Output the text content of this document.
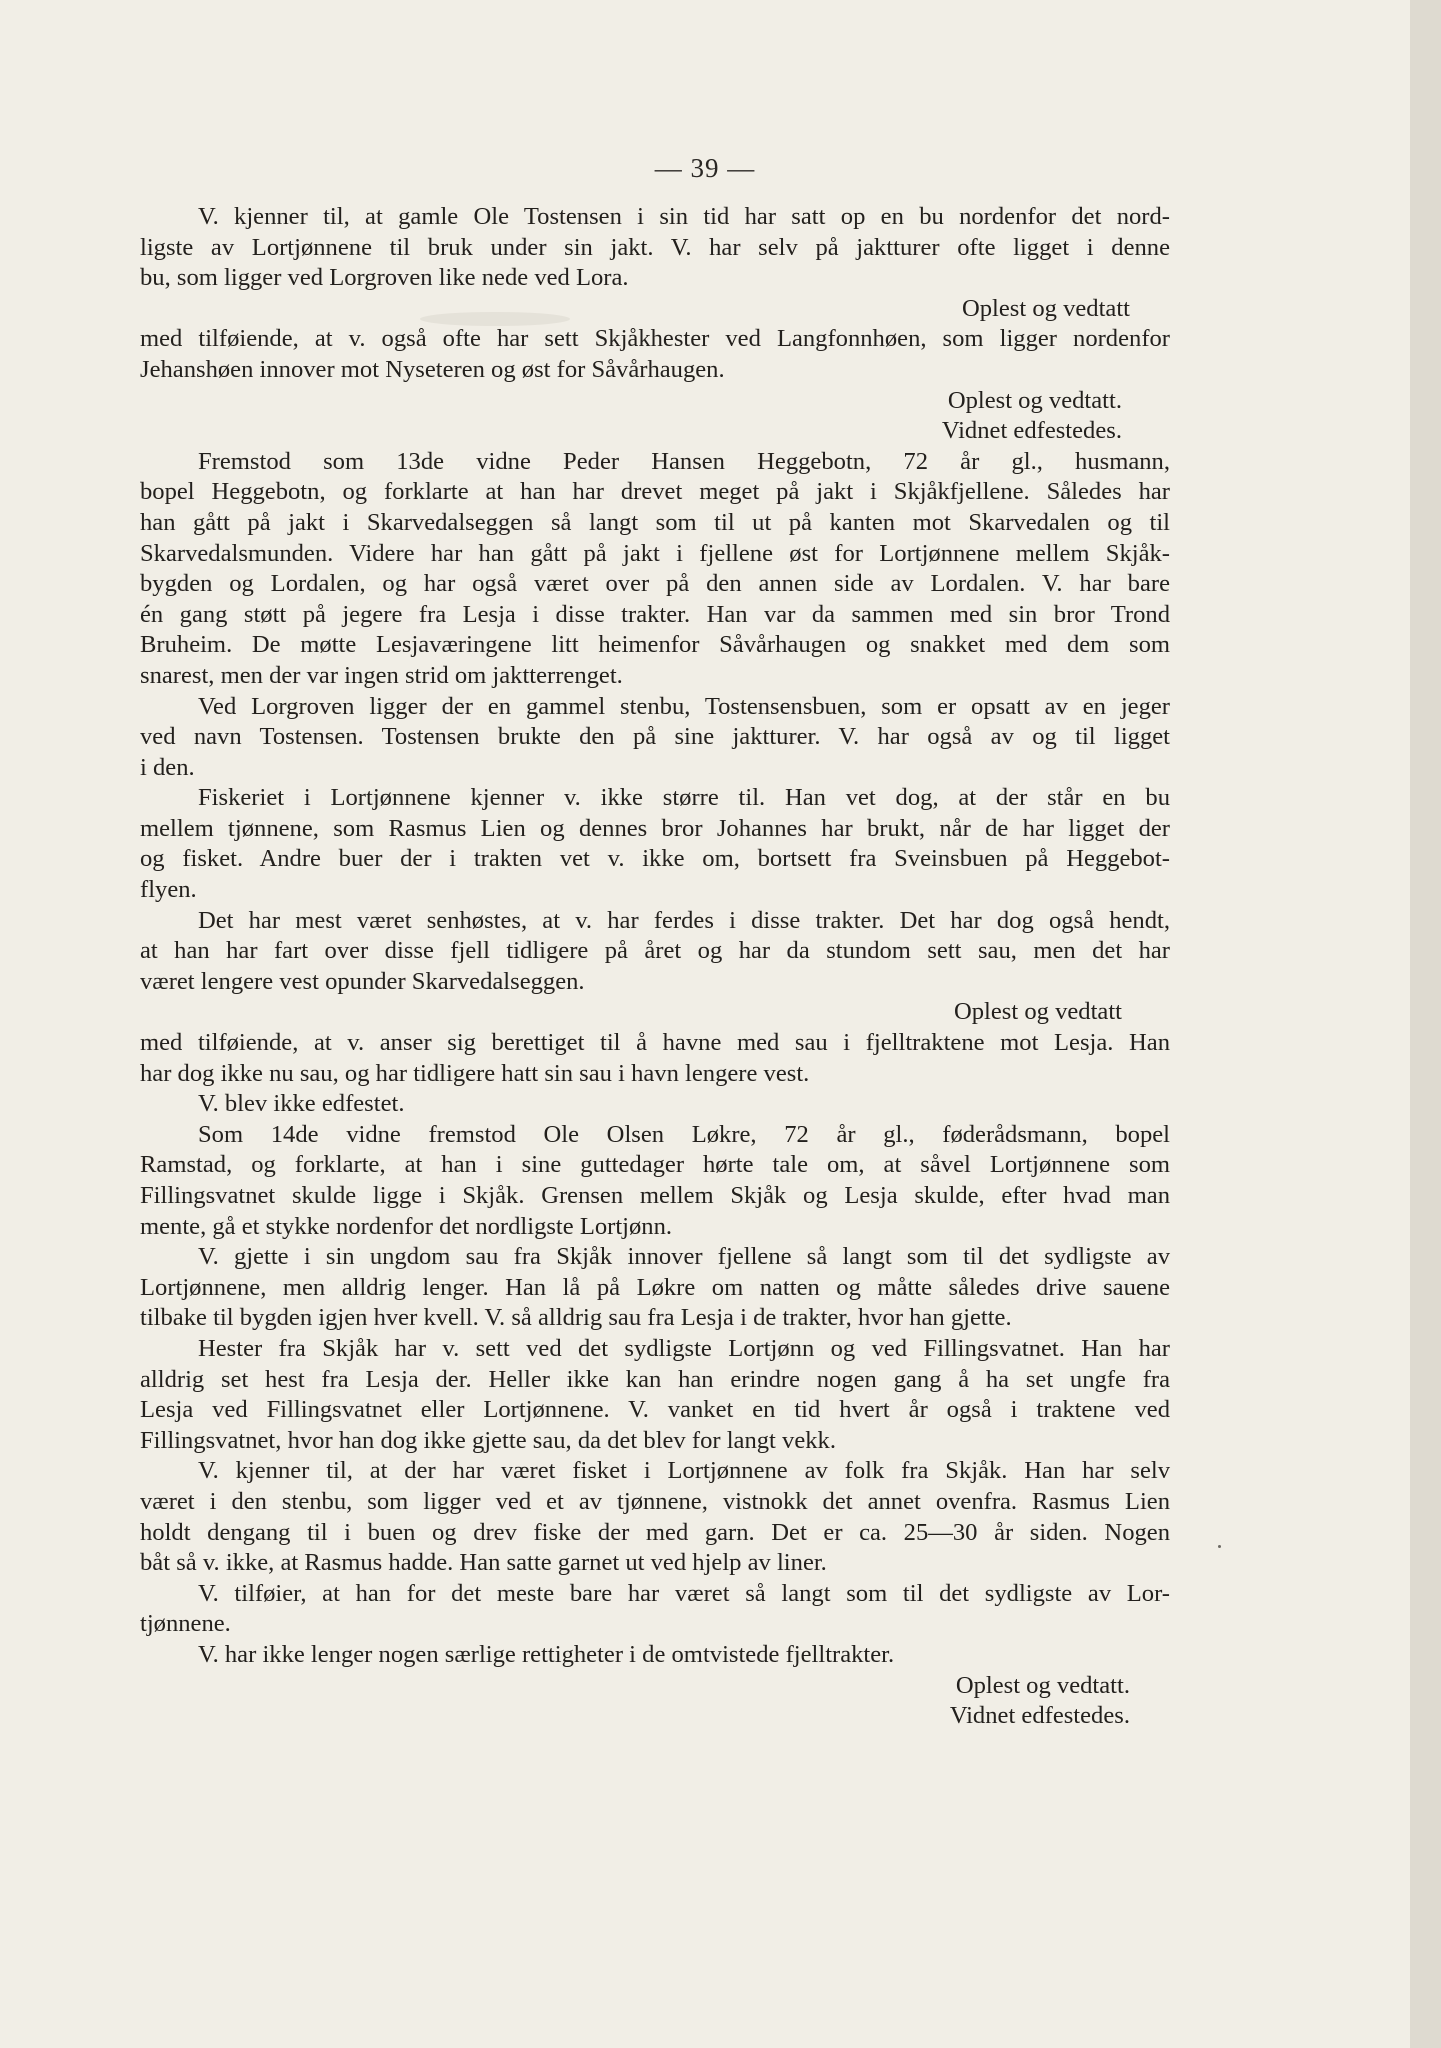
— 39 —
V. kjenner til, at gamle Ole Tostensen i sin tid har satt op en bu nordenfor det nord-
ligste av Lortjønnene til bruk under sin jakt. V. har selv på jaktturer ofte ligget i denne
bu, som ligger ved Lorgroven like nede ved Lora.
Oplest og vedtatt
med tilføiende, at v. også ofte har sett Skjåkhester ved Langfonnhøen, som ligger nordenfor
Jehanshøen innover mot Nyseteren og øst for Såvårhaugen.
Oplest og vedtatt.
Vidnet edfestedes.
Fremstod som 13de vidne Peder Hansen Heggebotn, 72 år gl., husmann,
bopel Heggebotn, og forklarte at han har drevet meget på jakt i Skjåkfjellene. Således har
han gått på jakt i Skarvedalseggen så langt som til ut på kanten mot Skarvedalen og til
Skarvedalsmunden. Videre har han gått på jakt i fjellene øst for Lortjønnene mellem Skjåk-
bygden og Lordalen, og har også været over på den annen side av Lordalen. V. har bare
én gang støtt på jegere fra Lesja i disse trakter. Han var da sammen med sin bror Trond
Bruheim. De møtte Lesjaværingene litt heimenfor Såvårhaugen og snakket med dem som
snarest, men der var ingen strid om jaktterrenget.
Ved Lorgroven ligger der en gammel stenbu, Tostensensbuen, som er opsatt av en jeger
ved navn Tostensen. Tostensen brukte den på sine jaktturer. V. har også av og til ligget
i den.
Fiskeriet i Lortjønnene kjenner v. ikke større til. Han vet dog, at der står en bu
mellem tjønnene, som Rasmus Lien og dennes bror Johannes har brukt, når de har ligget der
og fisket. Andre buer der i trakten vet v. ikke om, bortsett fra Sveinsbuen på Heggebot-
flyen.
Det har mest været senhøstes, at v. har ferdes i disse trakter. Det har dog også hendt,
at han har fart over disse fjell tidligere på året og har da stundom sett sau, men det har
været lengere vest opunder Skarvedalseggen.
Oplest og vedtatt
med tilføiende, at v. anser sig berettiget til å havne med sau i fjelltraktene mot Lesja. Han
har dog ikke nu sau, og har tidligere hatt sin sau i havn lengere vest.
V. blev ikke edfestet.
Som 14de vidne fremstod Ole Olsen Løkre, 72 år gl., føderådsmann, bopel
Ramstad, og forklarte, at han i sine guttedager hørte tale om, at såvel Lortjønnene som
Fillingsvatnet skulde ligge i Skjåk. Grensen mellem Skjåk og Lesja skulde, efter hvad man
mente, gå et stykke nordenfor det nordligste Lortjønn.
V. gjette i sin ungdom sau fra Skjåk innover fjellene så langt som til det sydligste av
Lortjønnene, men alldrig lenger. Han lå på Løkre om natten og måtte således drive sauene
tilbake til bygden igjen hver kvell. V. så alldrig sau fra Lesja i de trakter, hvor han gjette.
Hester fra Skjåk har v. sett ved det sydligste Lortjønn og ved Fillingsvatnet. Han har
alldrig set hest fra Lesja der. Heller ikke kan han erindre nogen gang å ha set ungfe fra
Lesja ved Fillingsvatnet eller Lortjønnene. V. vanket en tid hvert år også i traktene ved
Fillingsvatnet, hvor han dog ikke gjette sau, da det blev for langt vekk.
V. kjenner til, at der har været fisket i Lortjønnene av folk fra Skjåk. Han har selv
været i den stenbu, som ligger ved et av tjønnene, vistnokk det annet ovenfra. Rasmus Lien
holdt dengang til i buen og drev fiske der med garn. Det er ca. 25—30 år siden. Nogen
båt så v. ikke, at Rasmus hadde. Han satte garnet ut ved hjelp av liner.
V. tilføier, at han for det meste bare har været så langt som til det sydligste av Lor-
tjønnene.
V. har ikke lenger nogen særlige rettigheter i de omtvistede fjelltrakter.
Oplest og vedtatt.
Vidnet edfestedes.
